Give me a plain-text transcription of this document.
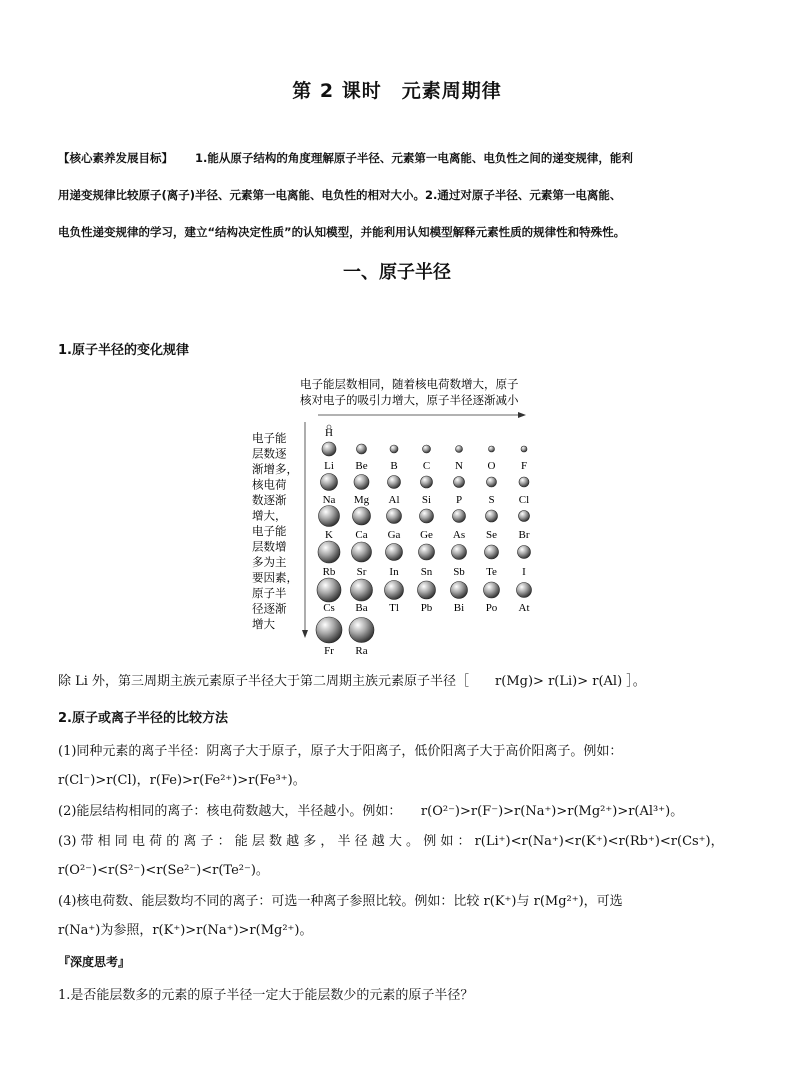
第 2 课时　元素周期律
【核心素养发展目标】 1.能从原子结构的角度理解原子半径、元素第一电离能、电负性之间的递变规律，能利
用递变规律比较原子(离子)半径、元素第一电离能、电负性的相对大小。2.通过对原子半径、元素第一电离能、
电负性递变规律的学习，建立“结构决定性质”的认知模型，并能利用认知模型解释元素性质的规律性和特殊性。
一、原子半径
1.原子半径的变化规律
电子能层数相同，随着核电荷数增大，原子
核对电子的吸引力增大，原子半径逐渐减小
电子能
层数逐
渐增多，
核电荷
数逐渐
增大，
电子能
层数增
多为主
要因素，
原子半
径逐渐
增大
H
Li Be B C N O F
Na Mg Al Si P S Cl
K Ca Ga Ge As Se Br
Rb Sr In Sn Sb Te I
Cs Ba Tl Pb Bi Po At
Fr Ra
除 Li 外，第三周期主族元素原子半径大于第二周期主族元素原子半径［　　r(Mg)> r(Li)> r(Al) ］。
2.原子或离子半径的比较方法
(1)同种元素的离子半径：阴离子大于原子，原子大于阳离子，低价阳离子大于高价阳离子。例如：
r(Cl⁻)>r(Cl)，r(Fe)>r(Fe²⁺)>r(Fe³⁺)。
(2)能层结构相同的离子：核电荷数越大，半径越小。例如：　　r(O²⁻)>r(F⁻)>r(Na⁺)>r(Mg²⁺)>r(Al³⁺)。
(3) 带 相 同 电 荷 的 离 子 ： 能 层 数 越 多 ， 半 径 越 大 。 例 如 ： r(Li⁺)<r(Na⁺)<r(K⁺)<r(Rb⁺)<r(Cs⁺)，
r(O²⁻)<r(S²⁻)<r(Se²⁻)<r(Te²⁻)。
(4)核电荷数、能层数均不同的离子：可选一种离子参照比较。例如：比较 r(K⁺)与 r(Mg²⁺)，可选
r(Na⁺)为参照，r(K⁺)>r(Na⁺)>r(Mg²⁺)。
『深度思考』
1.是否能层数多的元素的原子半径一定大于能层数少的元素的原子半径？
